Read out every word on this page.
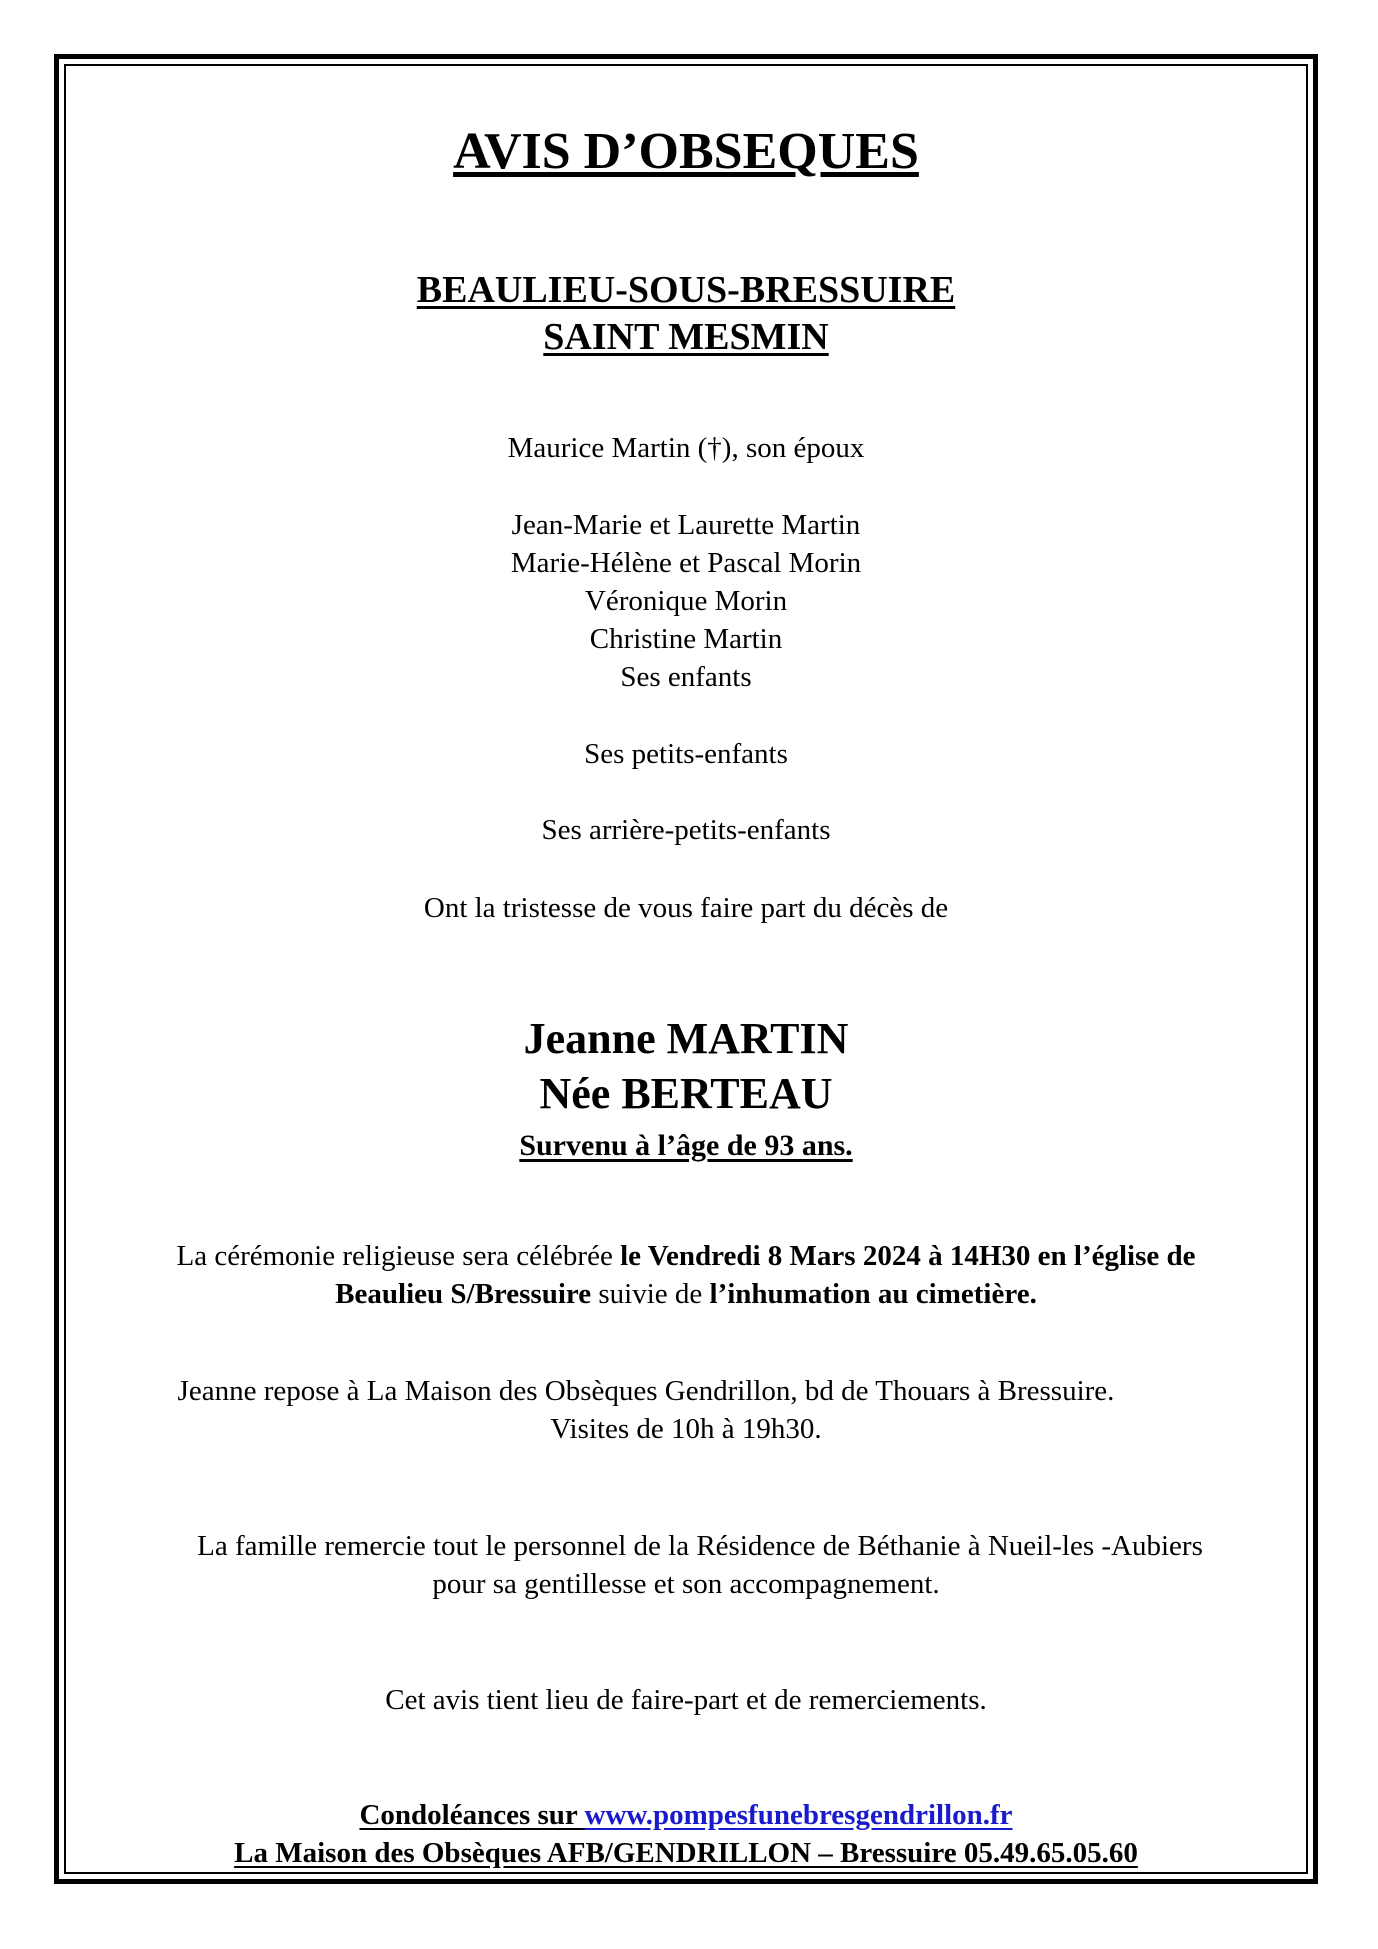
AVIS D’OBSEQUES
BEAULIEU-SOUS-BRESSUIRE
SAINT MESMIN
Maurice Martin (†), son époux
Jean-Marie et Laurette Martin
Marie-Hélène et Pascal Morin
Véronique Morin
Christine Martin
Ses enfants
Ses petits-enfants
Ses arrière-petits-enfants
Ont la tristesse de vous faire part du décès de
Jeanne MARTIN
Née BERTEAU
Survenu à l’âge de 93 ans.
La cérémonie religieuse sera célébrée le Vendredi 8 Mars 2024 à 14H30 en l’église de
Beaulieu S/Bressuire suivie de l’inhumation au cimetière.
Jeanne repose à La Maison des Obsèques Gendrillon, bd de Thouars à Bressuire.
Visites de 10h à 19h30.
La famille remercie tout le personnel de la Résidence de Béthanie à Nueil-les -Aubiers
pour sa gentillesse et son accompagnement.
Cet avis tient lieu de faire-part et de remerciements.
Condoléances sur www.pompesfunebresgendrillon.fr
La Maison des Obsèques AFB/GENDRILLON – Bressuire 05.49.65.05.60
